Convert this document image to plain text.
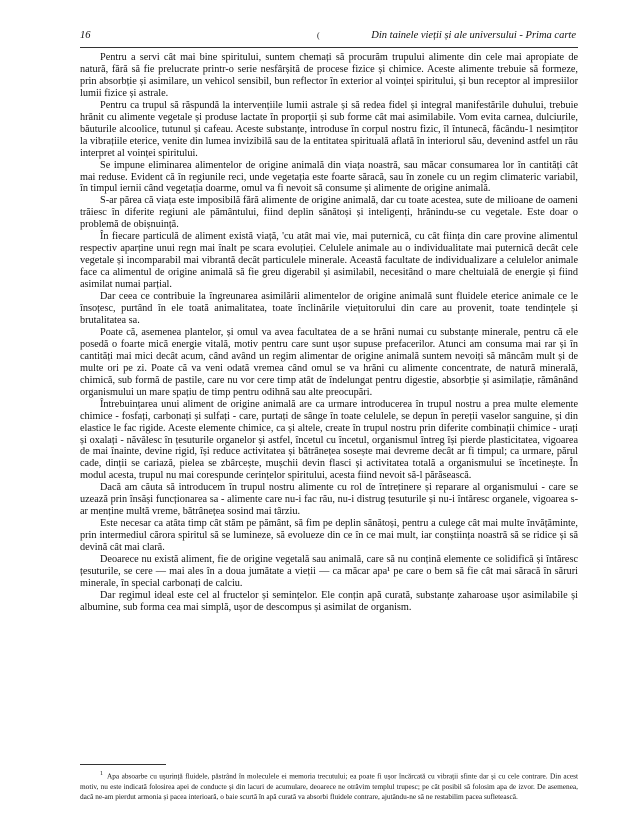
16	(	Din tainele vieții și ale universului - Prima carte

Pentru a servi cât mai bine spiritului, suntem chemați să procurăm trupului alimente din cele mai apropiate de natură, fără să fie prelucrate printr-o serie nesfârșită de procese fizice și chimice. Aceste alimente trebuie să formeze, prin absorbție și asimilare, un vehicol sensibil, bun reflector în exterior al voinței spiritului, și bun receptor al impresiilor lumii fizice și astrale.

Pentru ca trupul să răspundă la intervențiile lumii astrale și să redea fidel și integral manifestările duhului, trebuie hrănit cu alimente vegetale și produse lactate în proporții și sub forme cât mai asimilabile. Vom evita carnea, dulciurile, băuturile alcoolice, tutunul și cafeau. Aceste substanțe, introduse în corpul nostru fizic, îl întunecă, făcându-1 nesimțitor la vibrațiile eterice, venite din lumea invizibilă sau de la entitatea spirituală aflată în interiorul său, devenind astfel un rău interpret al voinței spiritului.

Se impune eliminarea alimentelor de origine animală din viața noastră, sau măcar consumarea lor în cantități cât mai reduse. Evident că în regiunile reci, unde vegetația este foarte săracă, sau în zonele cu un regim climateric variabil, în timpul iernii când vegetația doarme, omul va fi nevoit să consume și alimente de origine animală.

S-ar părea că viața este imposibilă fără alimente de origine animală, dar cu toate acestea, sute de milioane de oameni trăiesc în diferite regiuni ale pământului, fiind deplin sănătoși și inteligenți, hrănindu-se cu vegetale. Este doar o problemă de obișnuință.

În fiecare particulă de aliment există viață, 'cu atât mai vie, mai puternică, cu cât ființa din care provine alimentul respectiv aparține unui regn mai înalt pe scara evoluției. Celulele animale au o individualitate mai puternică decât cele vegetale și incomparabil mai vibrantă decât particulele minerale. Această facultate de individualizare a celulelor animale face ca alimentul de origine animală să fie greu digerabil și asimilabil, necesitând o mare cheltuială de energie și fiind asimilat numai parțial.

Dar ceea ce contribuie la îngreunarea asimilării alimentelor de origine animală sunt fluidele eterice animale ce le însoțesc, purtând în ele toată animalitatea, toate înclinările viețuitorului din care au provenit, toate tendințele și brutalitatea sa.

Poate că, asemenea plantelor, și omul va avea facultatea de a se hrăni numai cu substanțe minerale, pentru că ele posedă o foarte mică energie vitală, motiv pentru care sunt ușor supuse prefacerilor. Atunci am consuma mai rar și în cantități mai mici decât acum, când având un regim alimentar de origine animală suntem nevoiți să mâncăm mult și de multe ori pe zi. Poate că va veni odată vremea când omul se va hrăni cu alimente concentrate, de natură minerală, chimică, sub formă de pastile, care nu vor cere timp atât de îndelungat pentru digestie, absorbție și asimilație, rămânând organismului un mare spațiu de timp pentru odihnă sau alte preocupări.

Întrebuințarea unui aliment de origine animală are ca urmare introducerea în trupul nostru a prea multe elemente chimice - fosfați, carbonați și sulfați - care, purtați de sânge în toate celulele, se depun în pereții vaselor sanguine, și din elastice le fac rigide. Aceste elemente chimice, ca și altele, create în trupul nostru prin diferite combinații chimice - urați și oxalați - năvălesc în țesuturile organelor și astfel, încetul cu încetul, organismul întreg își pierde plasticitatea, vigoarea de mai înainte, devine rigid, își reduce activitatea și bătrânețea sosește mai devreme decât ar fi timpul; ca urmare, părul cade, dinții se cariază, pielea se zbârcește, mușchii devin flasci și activitatea totală a organismului se încetinește. În modul acesta, trupul nu mai corespunde cerințelor spiritului, acesta fiind nevoit să-l părăsească.

Dacă am căuta să introducem în trupul nostru alimente cu rol de întreținere și reparare al organismului - care se uzează prin însăși funcționarea sa - alimente care nu-i fac rău, nu-i distrug țesuturile și nu-i întăresc organele, vigoarea s-ar menține multă vreme, bătrânețea sosind mai târziu.

Este necesar ca atâta timp cât stăm pe pământ, să fim pe deplin sănătoși, pentru a culege cât mai multe învățăminte, prin intermediul cărora spiritul să se lumineze, să evolueze din ce în ce mai mult, iar conștiința noastră să se ridice și să devină cât mai clară.

Deoarece nu există aliment, fie de origine vegetală sau animală, care să nu conțină elemente ce solidifică și întăresc țesuturile, se cere — mai ales în a doua jumătate a vieții — ca măcar apa¹ pe care o bem să fie cât mai săracă în săruri minerale, în special carbonați de calciu.

Dar regimul ideal este cel al fructelor și semințelor. Ele conțin apă curată, substanțe zaharoase ușor asimilabile și albumine, sub forma cea mai simplă, ușor de descompus și asimilat de organism.

$^1$ Apa absoarbe cu ușurință fluidele, păstrând în moleculele ei memoria trecutului; ea poate fi ușor încărcată cu vibrații sfinte dar și cu cele contrare. Din acest motiv, nu este indicată folosirea apei de conducte și din lacuri de acumulare, deoarece ne otrăvim templul trupesc; pe cât posibil să folosim apa de izvor. De asemenea, dacă ne-am pierdut armonia și pacea interioară, o baie scurtă în apă curată va absorbi fluidele contrare, ajutându-ne să ne restabilim pacea sufletească.
